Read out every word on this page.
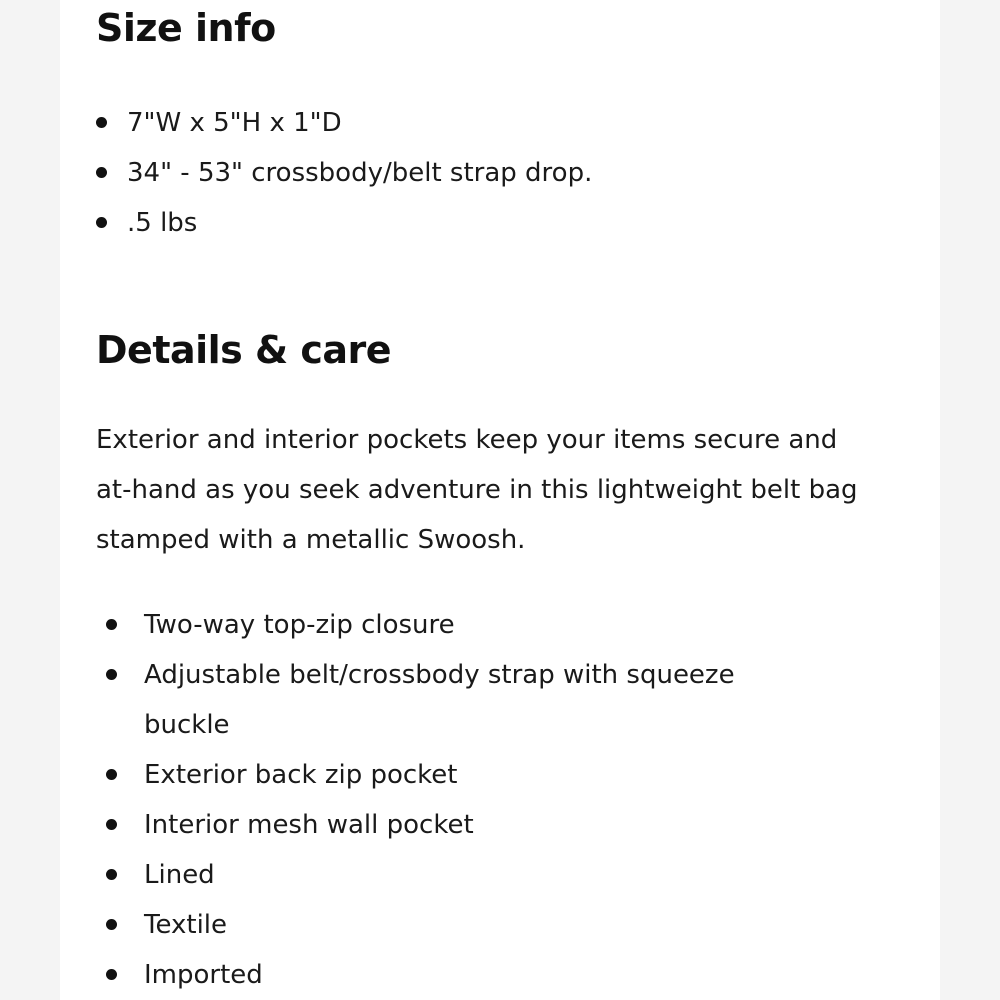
Size info
7"W x 5"H x 1"D
34" - 53" crossbody/belt strap drop.
.5 lbs
Details & care

Exterior and interior pockets keep your items secure and
at-hand as you seek adventure in this lightweight belt bag
stamped with a metallic Swoosh.

Two-way top-zip closure
Adjustable belt/crossbody strap with squeeze
buckle
Exterior back zip pocket
Interior mesh wall pocket
Lined
Textile
Imported
